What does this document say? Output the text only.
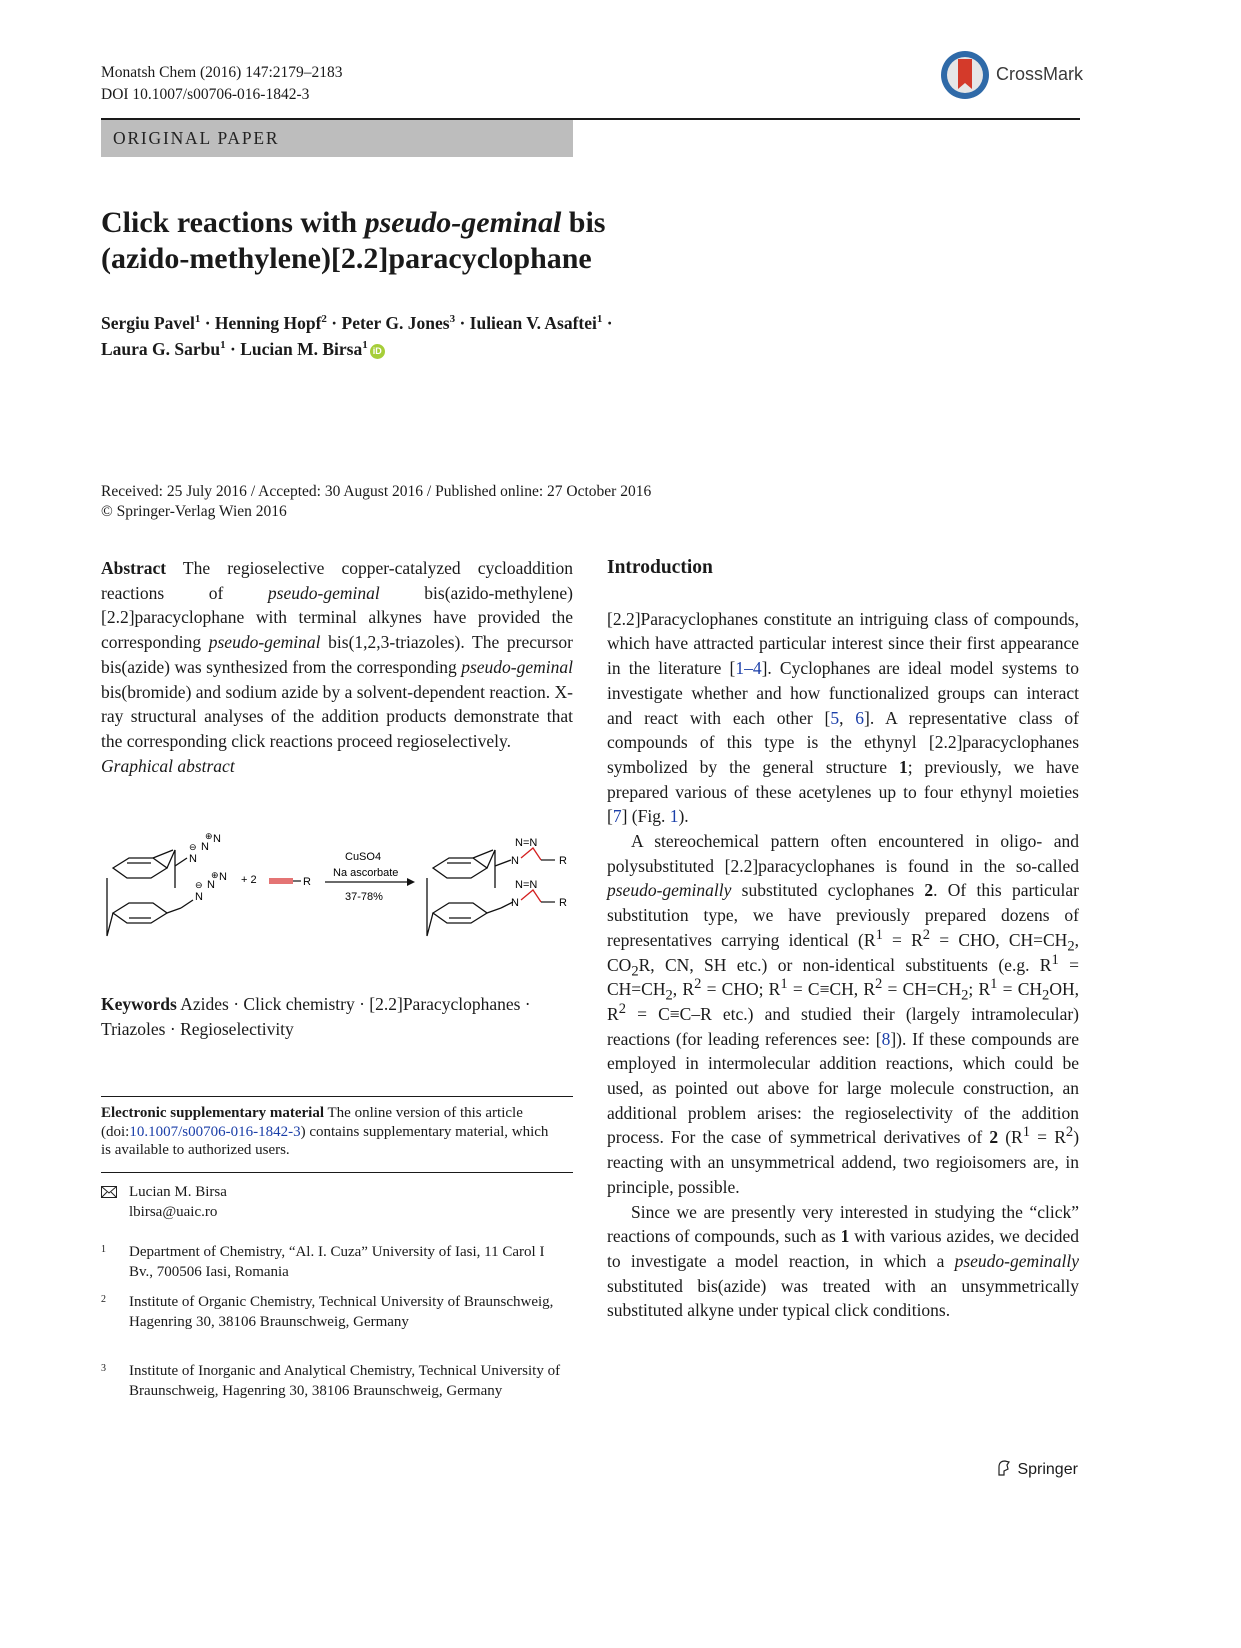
Monatsh Chem (2016) 147:2179–2183
DOI 10.1007/s00706-016-1842-3
CrossMark
ORIGINAL PAPER
Click reactions with pseudo-geminal bis
(azido-methylene)[2.2]paracyclophane
Sergiu Pavel$^1$ · Henning Hopf$^2$ · Peter G. Jones$^3$ · Iuliean V. Asaftei$^1$ ·
Laura G. Sarbu$^1$ · Lucian M. Birsa$^1$ iD
Received: 25 July 2016 / Accepted: 30 August 2016 / Published online: 27 October 2016
© Springer-Verlag Wien 2016

Abstract The regioselective copper-catalyzed cycloaddition reactions of pseudo-geminal bis(azido-methylene)[2.2]paracyclophane with terminal alkynes have provided the corresponding pseudo-geminal bis(1,2,3-triazoles). The precursor bis(azide) was synthesized from the corresponding pseudo-geminal bis(bromide) and sodium azide by a solvent-dependent reaction. X-ray structural analyses of the addition products demonstrate that the corresponding click reactions proceed regioselectively.

Graphical abstract

N
⊖ N
⊕ N
N
⊖ N
⊕ N + 2	R
CuSO4
Na ascorbate
37-78%
N=N
N
N=N
N
R
R
Keywords Azides · Click chemistry · [2.2]Paracyclophanes · Triazoles · Regioselectivity
Electronic supplementary material The online version of this article (doi:10.1007/s00706-016-1842-3) contains supplementary material, which is available to authorized users.
Lucian M. Birsa
lbirsa@uaic.ro
1 Department of Chemistry, “Al. I. Cuza” University of Iasi, 11 Carol I Bv., 700506 Iasi, Romania
2 Institute of Organic Chemistry, Technical University of Braunschweig, Hagenring 30, 38106 Braunschweig, Germany
3 Institute of Inorganic and Analytical Chemistry, Technical University of Braunschweig, Hagenring 30, 38106 Braunschweig, Germany
Introduction

[2.2]Paracyclophanes constitute an intriguing class of compounds, which have attracted particular interest since their first appearance in the literature [1–4]. Cyclophanes are ideal model systems to investigate whether and how functionalized groups can interact and react with each other [5, 6]. A representative class of compounds of this type is the ethynyl [2.2]paracyclophanes symbolized by the general structure 1; previously, we have prepared various of these acetylenes up to four ethynyl moieties [7] (Fig. 1).

A stereochemical pattern often encountered in oligo- and polysubstituted [2.2]paracyclophanes is found in the so-called pseudo-geminally substituted cyclophanes 2. Of this particular substitution type, we have previously prepared dozens of representatives carrying identical ($R^1 = R^2$ = CHO, $CH=CH_2$, $CO_2R$, CN, SH etc.) or non-identical substituents (e.g. $R^1 = CH=CH_2$, $R^2$ = CHO; $R^1 = C\equiv CH$, $R^2 = CH=CH_2$; $R^1 = CH_2OH$, $R^2 = C\equiv C-R$ etc.) and studied their (largely intramolecular) reactions (for leading references see: [8]). If these compounds are employed in intermolecular addition reactions, which could be used, as pointed out above for large molecule construction, an additional problem arises: the regioselectivity of the addition process. For the case of symmetrical derivatives of 2 $(R^1 = R^2)$ reacting with an unsymmetrical addend, two regioisomers are, in principle, possible.

Since we are presently very interested in studying the “click” reactions of compounds, such as 1 with various azides, we decided to investigate a model reaction, in which a pseudo-geminally substituted bis(azide) was treated with an unsymmetrically substituted alkyne under typical click conditions.

Springer
